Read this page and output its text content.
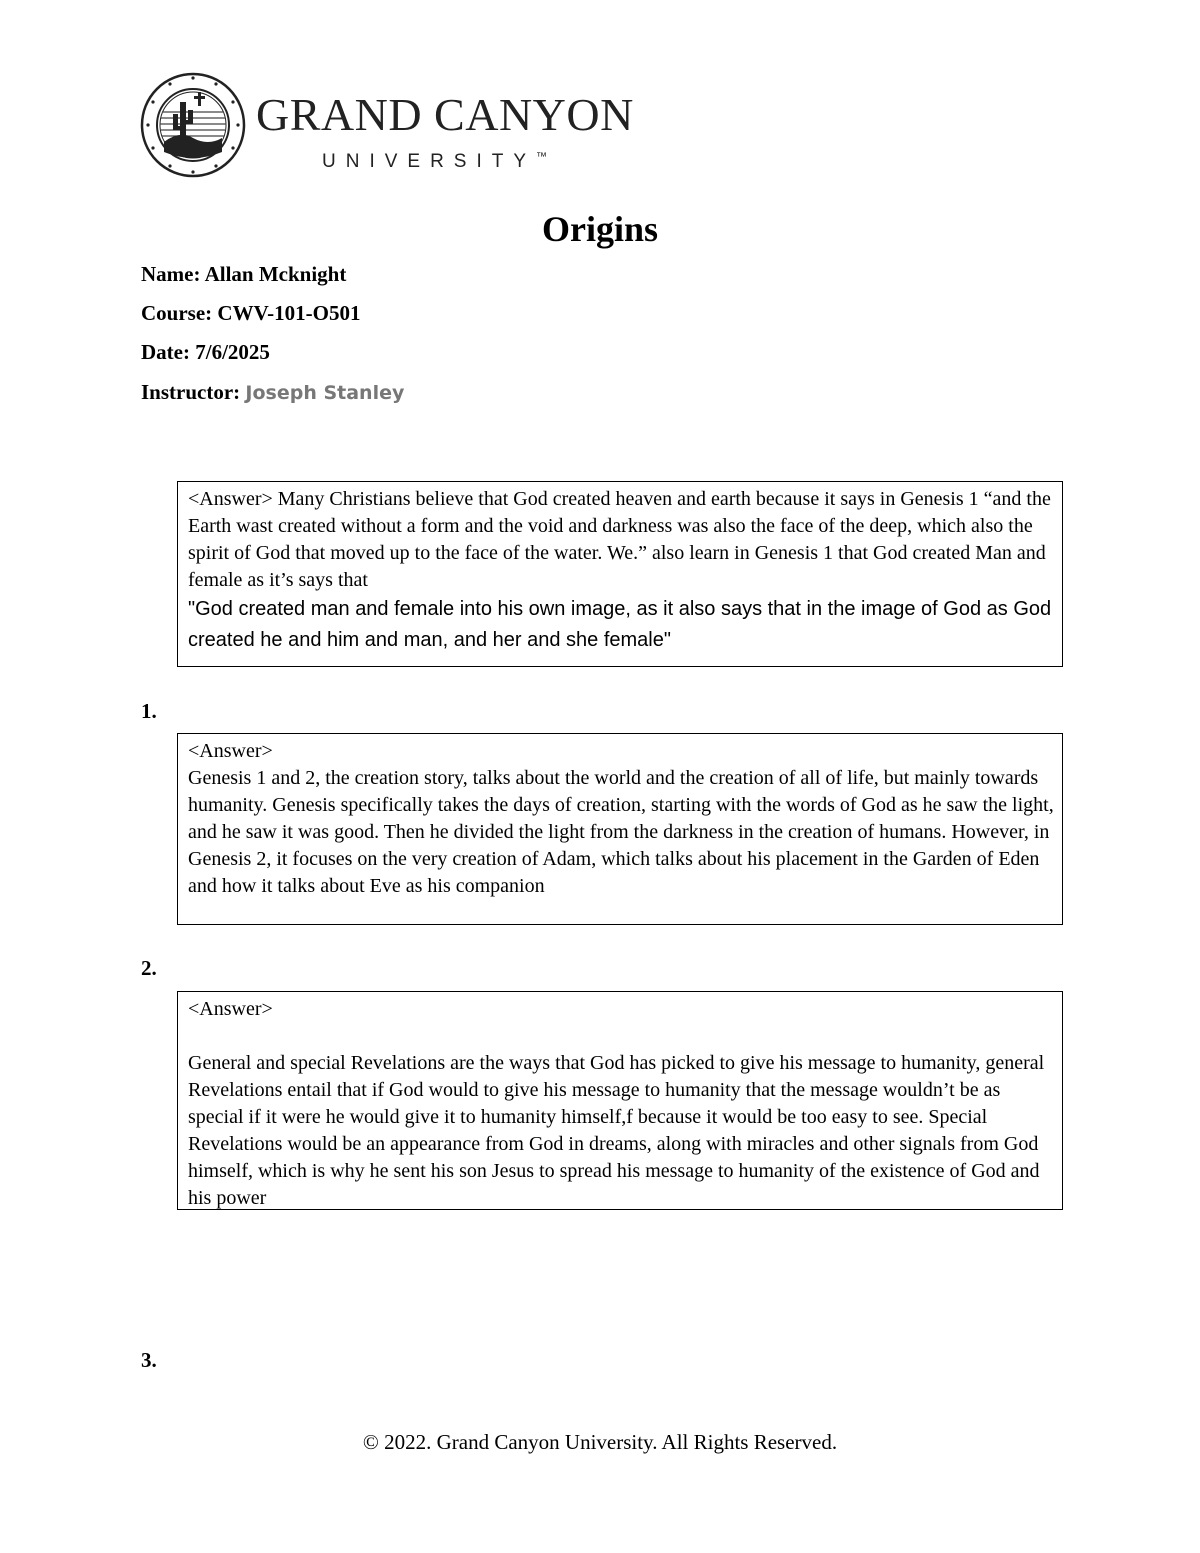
GRAND CANYON
UNIVERSITY™
Origins
Name: Allan Mcknight
Course: CWV-101-O501
Date: 7/6/2025
Instructor: Joseph Stanley

<Answer> Many Christians believe that God created heaven and earth because it says in Genesis 1 “and the Earth wast created without a form and the void and darkness was also the face of the deep, which also the spirit of God that moved up to the face of the water. We.” also learn in Genesis 1 that God created Man and female as it’s says that

"God created man and female into his own image, as it also says that in the image of God as God created he and him and man, and her and she female"

1.

<Answer>

Genesis 1 and 2, the creation story, talks about the world and the creation of all of life, but mainly towards humanity. Genesis specifically takes the days of creation, starting with the words of God as he saw the light, and he saw it was good. Then he divided the light from the darkness in the creation of humans. However, in Genesis 2, it focuses on the very creation of Adam, which talks about his placement in the Garden of Eden and how it talks about Eve as his companion

2.

<Answer>

General and special Revelations are the ways that God has picked to give his message to humanity, general Revelations entail that if God would to give his message to humanity that the message wouldn’t be as special if it were he would give it to humanity himself,f because it would be too easy to see. Special Revelations would be an appearance from God in dreams, along with miracles and other signals from God himself, which is why he sent his son Jesus to spread his message to humanity of the existence of God and his power

3.
© 2022. Grand Canyon University. All Rights Reserved.
